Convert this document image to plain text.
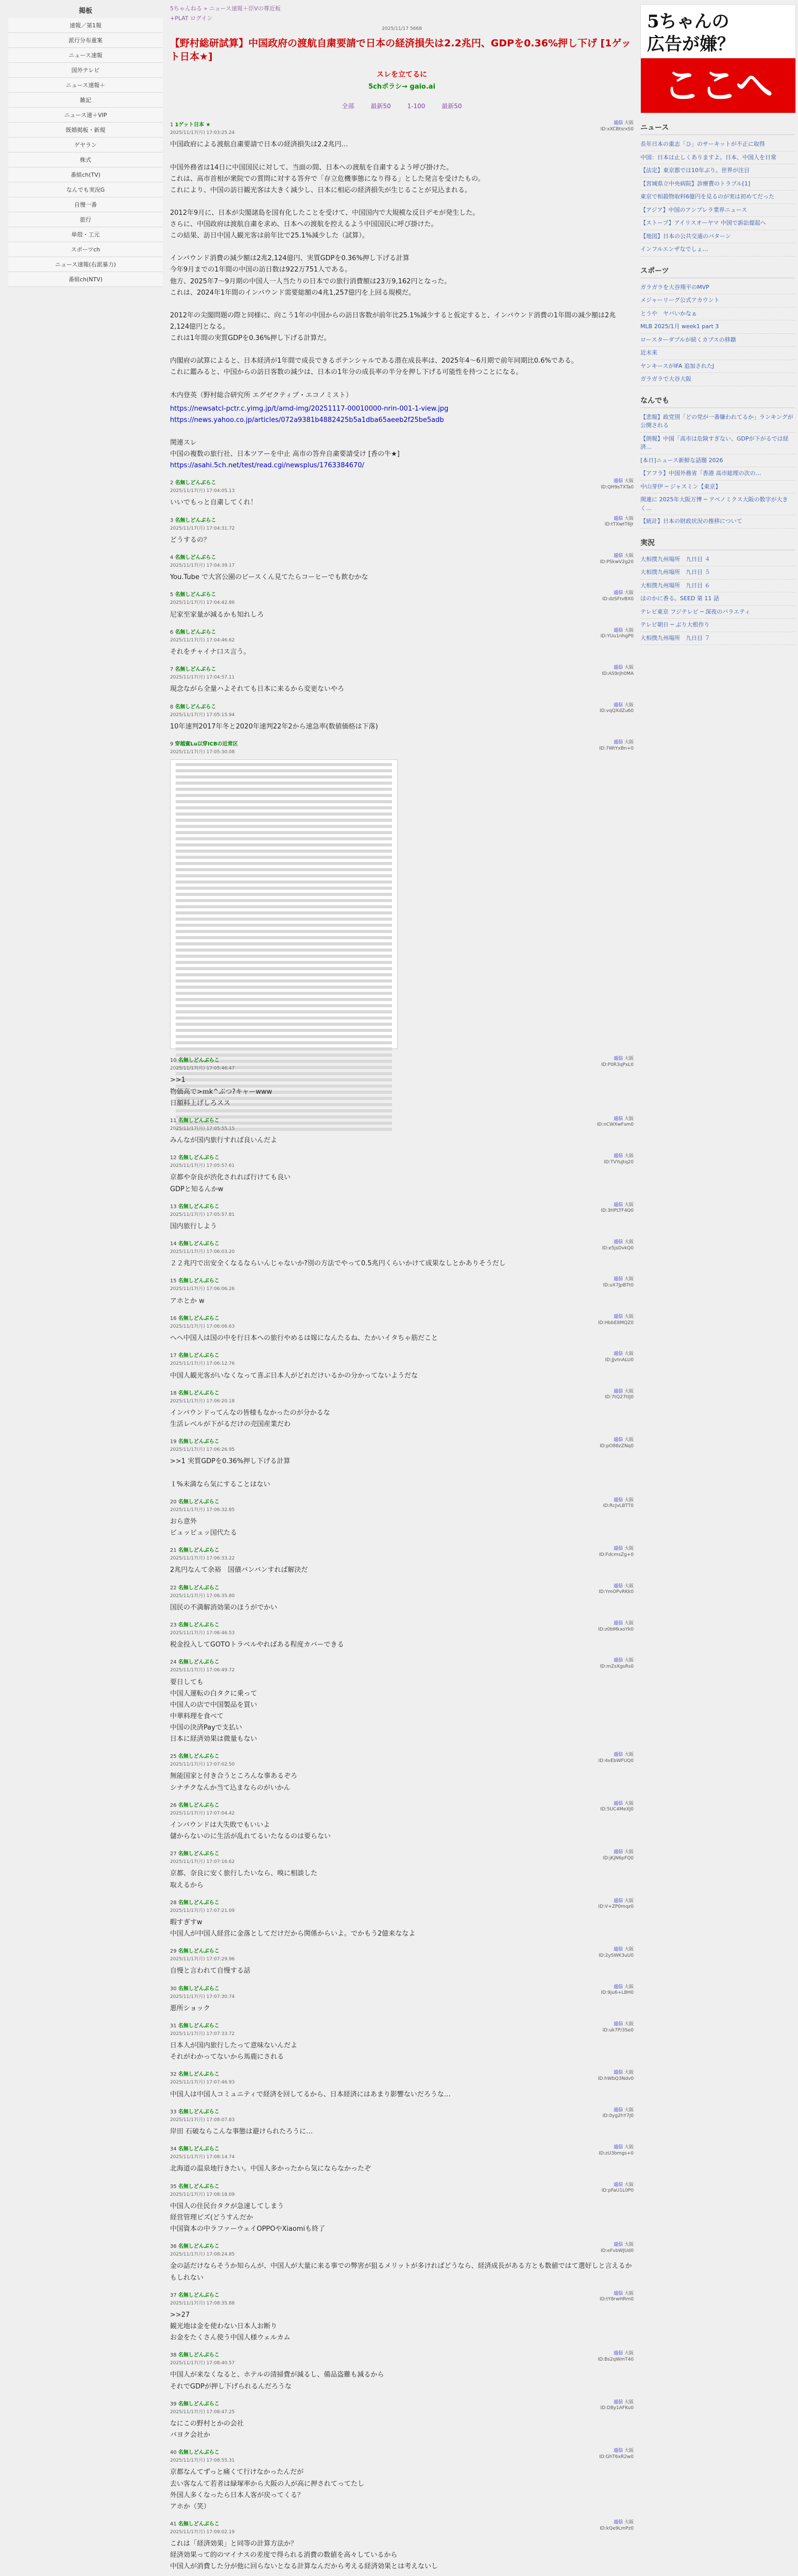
掲板
速報／第1報
派行分布重案
ニュース速報
国外テレビ
ニュース速報＋
雑記
ニュース速＋VIP
既婚掲板・新規
ゲヤラン
株式
番組ch(TV)
なんでも実況G
自慢一番
旅行
単殻・工元
スポーツch
ニュース速報(右派暴力)
番組ch(NTV)
5ちゃんねる » ニュース速報＋臣Vの尊近板
+PLAT ログイン
2025/11/17 5668
【野村総研試算】中国政府の渡航自粛要請で日本の経済損失は2.2兆円、GDPを0.36%押し下げ [1ゲット日本★]
スレを立てるに
5chポラシ→ gaio.ai
全部	最新50	1-100	最新50
1 1ゲット日本 ★
2025/11/17(月) 17:03:25.24
返信 大阪
ID:xXCBtsrxS0
中国政府による渡航自粛要請で日本の経済損失は2.2兆円…

中国外務省は14日に中国国民に対して、当面の間、日本への渡航を自粛するよう呼び掛けた。
これは、高市首相が衆院での質問に対する答弁で「存立危機事態になり得る」とした発言を受けたもの。
これにより、中国の訪日観光客は大きく減少し、日本に相応の経済損失が生じることが見込まれる。

2012年9月に、日本が尖閣諸島を国有化したことを受けて、中国国内で大規模な反日デモが発生した。
さらに、中国政府は渡航自粛を求め、日本への渡航を控えるよう中国国民に呼び掛けた。
この結果、訪日中国人観光客は前年比で25.1%減少した（試算）。

インバウンド消費の減少額は2兆2,124億円、実質GDPを0.36%押し下げる計算
今年9月までの1年間の中国の訪日数は922万751人である。
他方、2025年7〜9月期の中国人一人当たりの日本での旅行消費額は23万9,162円となった。
これは、2024年1年間のインバウンド需要総額の4兆1,257億円を上回る規模だ。

2012年の尖閣問題の際と同様に、向こう1年の中国からの訪日客数が前年比25.1%減少すると仮定すると、インバウンド消費の1年間の減少額は2兆2,124億円となる。
これは1年間の実質GDPを0.36%押し下げる計算だ。

内閣府の試算によると、日本経済が1年間で成長できるポテンシャルである潜在成長率は、2025年4〜6月期で前年同期比0.6%である。
これに鑑みると、中国からの訪日客数の減少は、日本の1年分の成長率の半分を押し下げる可能性を持つことになる。

木内登英（野村総合研究所 エグゼクティブ・エコノミスト）
https://newsatcl-pctr.c.yimg.jp/t/amd-img/20251117-00010000-nrin-001-1-view.jpg
https://news.yahoo.co.jp/articles/072a9381b4882425b5a1dba65aeeb2f25be5adb

関連スレ
中国の複数の旅行社、日本ツアーを中止 高市の答弁自粛要請受け [香の牛★]
https://asahi.5ch.net/test/read.cgi/newsplus/1763384670/
2 名無しどんぶらこ
2025/11/17(月) 17:04:05.13
返信 大阪
ID:QH9sTXTa0
いいでもっと自粛してくれ！
3 名無しどんぶらこ
2025/11/17(月) 17:04:31.72
返信 大阪
ID:tTXwtT6Jr
どうするの？
4 名無しどんぶらこ
2025/11/17(月) 17:04:39.17
返信 大阪
ID:PSkwV2g20
You.Tube で大宮公園のビースくん見てたらコーヒーでも飲むかな
5 名無しどんぶらこ
2025/11/17(月) 17:04:42.86
返信 大阪
ID:dzSFtvBX0
尼家至家量が減るかも知れしろ
6 名無しどんぶらこ
2025/11/17(月) 17:04:46.62
返信 大阪
ID:YUu1nhgP0
それをチャイナ口ス言う。
7 名無しどんぶらこ
2025/11/17(月) 17:04:57.11
返信 大阪
ID:AS9rjh0MA
現念ながら全量ハよそれても日本に来るから変更ないやろ
8 名無しどんぶらこ
2025/11/17(月) 17:05:15.94
返信 大阪
ID:vqQXdZu60
10年速判2017年冬と2020年速判22年2から速急率(数値価格は下落)
9 穿越賓Lu以穿ICBの近常区
2025/11/17(月) 17:05:30.08
返信 大阪
ID:7WtYxBn+0
10 名無しどんぶらこ
2025/11/17(月) 17:05:46.47
返信 大阪
ID:P0R3qPxL0
>>1
物価高で>ｍk^ぶつ?キャーwww
日額料上げしろスス
11 名無しどんぶらこ
2025/11/17(月) 17:05:55.15
返信 大阪
ID:nCWXwFsm0
みんなが国内旅行すれば良いんだよ
12 名無しどんぶらこ
2025/11/17(月) 17:05:57.61
返信 大阪
ID:TVYuJtq20
京都や奈良が渋化されれば行けても良い
GDPと知るんかw
13 名無しどんぶらこ
2025/11/17(月) 17:05:57.81
返信 大阪
ID:3HPLTF4Q0
国内旅行しよう
14 名無しどんぶらこ
2025/11/17(月) 17:06:03.20
返信 大阪
ID:e5jsDvkQ0
２２兆円で出安全くなるならいんじゃないか?別の方法でやって0.5兆円くらいかけて成果なしとかありそうだし
15 名無しどんぶらこ
2025/11/17(月) 17:06:06.26
返信 大阪
ID:uX7JpBTt0
アホとか w
16 名無しどんぶらこ
2025/11/17(月) 17:06:06.63
返信 大阪
ID:HbbE8MQZ0
ヘヘ中国人は国の中を行日本への旅行やめるは嫁になんたるね、たかいイタちゃ筋だこと
17 名無しどんぶらこ
2025/11/17(月) 17:06:12.76
返信 大阪
ID:JJvtnALU0
中国人観光客がいなくなって喜ぶ日本人がどれだけいるかの分かってないようだな
18 名無しどんぶらこ
2025/11/17(月) 17:06:20.18
返信 大阪
ID:7tQ27ttJ0
インバウンドってんなの皆様もなかったのが分かるな
生活レベルが下がるだけの売国産業だわ
19 名無しどんぶらこ
2025/11/17(月) 17:06:26.95
返信 大阪
ID:pO88zZNq0
>>1 実質GDPを0.36%押し下げる計算

１%未満なら気にすることはない
20 名無しどんぶらこ
2025/11/17(月) 17:06:32.85
返信 大阪
ID:RcJvLBTT0
おら意外
ビュッビュッ国代たる
21 名無しどんぶらこ
2025/11/17(月) 17:06:33.22
返信 大阪
ID:FdcmsZg+0
2兆円なんて余裕　国債バンバンすれば解決だ
22 名無しどんぶらこ
2025/11/17(月) 17:06:35.80
返信 大阪
ID:YmOPvRKk0
国民の不満解消効果のほうがでかい
23 名無しどんぶらこ
2025/11/17(月) 17:06:46.53
返信 大阪
ID:z0bMkxoYk0
税金投入してGOTOトラベルやればある程度カバーできる
24 名無しどんぶらこ
2025/11/17(月) 17:06:49.72
返信 大阪
ID:mZsXgsRs0
要日しても
中国人運転の白タクに乗って
中国人の店で中国製品を買い
中華料理を食べて
中国の決済Payで支払い
日本に経済効果は微量もない
25 名無しどんぶらこ
2025/11/17(月) 17:07:02.50
返信 大阪
ID:4vEbWFUQ0
無能国家と付き合うところんな事あるぞろ
シナチクなんか当て込まならのがいかん
26 名無しどんぶらこ
2025/11/17(月) 17:07:04.42
返信 大阪
ID:5UC4MeXJ0
インバウンドは大失敗でもいいよ
儲からないのに生活が乱れてるいたなるのは要らない
27 名無しどんぶらこ
2025/11/17(月) 17:07:16.62
返信 大阪
ID:jKjN6pFQ0
京都、奈良に安く旅行したいなら、嗅に相談した
取えるから
28 名無しどんぶらこ
2025/11/17(月) 17:07:21.09
返信 大阪
ID:V+ZP0mqz0
暇すぎすw
中国人が中国人経営に金落としてだけだから関係からいよ。でかもう2億来ななよ
29 名無しどんぶらこ
2025/11/17(月) 17:07:29.96
返信 大阪
ID:2ySWK3uU0
自慢と言われて自慢する話
30 名無しどんぶらこ
2025/11/17(月) 17:07:30.74
返信 大阪
ID:9ju6+LBH0
悪所ショック
31 名無しどんぶらこ
2025/11/17(月) 17:07:33.72
返信 大阪
ID:uk7P/3Se0
日本人が国内旅行したって意味ないんだよ
それがわかってないから馬鹿にされる
32 名無しどんぶらこ
2025/11/17(月) 17:07:46.93
返信 大阪
ID:hWbQ3Ndv0
中国人は中国人コミュニティで経済を回してるから、日本経済にはあまり影響ないだろうな…
33 名無しどんぶらこ
2025/11/17(月) 17:08:07.83
返信 大阪
ID:0yg2hY7J0
岸田 石破ならこんな事態は避けられたろうに…
34 名無しどんぶらこ
2025/11/17(月) 17:08:14.74
返信 大阪
ID:zU3bmgs+0
北海道の温泉地行きたい。中国人多かったから気にならなかったぞ
35 名無しどんぶらこ
2025/11/17(月) 17:08:18.09
返信 大阪
ID:pFaU1L0P0
中国人の住民台タクが急速してしまう
経営管理ビズ(どうすんだか
中国資本の中ラファーウェイOPPOやXiaomiも終了
36 名無しどんぶらこ
2025/11/17(月) 17:08:24.85
返信 大阪
ID:eFvbWJUd0
金の話だけならそうか知らんが、中国人が大量に来る事での弊害が狙るメリットが多ければどうなら、経済成長がある方とも数値ではて選好しと言えるかもしれない
37 名無しどんぶらこ
2025/11/17(月) 17:08:35.88
返信 大阪
ID:tY8rwHRm0
>>27
観光地は金を使わない日本人お断り
お金をたくさん使う中国人様ウェルカム
38 名無しどんぶらこ
2025/11/17(月) 17:08:40.57
返信 大阪
ID:Bs2qWmT40
中国人が来なくなると、ホテルの清掃費が減るし、備品盗難も減るから
それでGDPが押し下げられるんだろうな
39 名無しどんぶらこ
2025/11/17(月) 17:08:47.25
返信 大阪
ID:D8y1AFKu0
なにこの野村とかの会社
バヨク会社か
40 名無しどんぶらこ
2025/11/17(月) 17:08:55.31
返信 大阪
ID:GhT6xR2w0
京都なんてずっと痛くて行けなかったんだが
去い客なんて若者は緑塚率から大阪の人が高に押されてってたし
外国人多くなったら日本人客が戻ってくる？
アホか（笑）
41 名無しどんぶらこ
2025/11/17(月) 17:09:02.19
返信 大阪
ID:kQe9LmPz0
これは「経済効果」と同等の計算方法か？
経済効果って的のマイナスの差度で得られる消費の数値を高々しているから
中国人が消費した分が他に回らないとなる計算なんだから考える経済効果とは考えないし

5ちゃんの
広告が嫌？
ここへ
ニュース
長年日本の重志「ひ」のサーキットが不正に取得
中国：日本は止しくありますよ。日本、中国人を日常
【法定】東京都では10年ぶり。世界が注目
【宮城県立中央病院】診療費のトラブル[1]
東京で相殺物取料6億円を見るのが実は初めてだった
【アジア】中国のアンブレラ業界ニュース
【ストーブ】アイリスオーヤマ 中国で訴訟提起へ
【地図】日本の公共交通のパターン
インフルエンザなでしょ…
スポーツ
ガラガラを大谷翔平のMVP
メジャーリーグ公式アカウント
とうや　ヤバいかなぁ
MLB 2025/1月 week1 part 3
ロースターダブルが続くカブスの移籍
近未来
ヤンキースがIFA 追加されたJ
ガラガラで大谷大阪
なんでも
【悲報】政党別「どの党が一番嫌われてるか」ランキングが公開される
【朗報】中国「高市は危険すぎない、GDPが下がるでは経済…
[本日]ニュース新鮮な話題 2026
【アフラ】中国外務省「香港 高市総理の次の…
中山芽伊 ─ ジャスミン【東京】
関連に 2025年大阪万博 ─ アベノミクス大阪の数字が大きく…
【統計】日本の財政状況の推移について
実況
大相撲九州場所　九日目 ４
大相撲九州場所　九日目 ５
大相撲九州場所　九日目 ６
ほのかに香る。SEED 第 11 話
テレビ東京 フジテレビ ─ 深夜のバラエティ
テレビ朝日 ─ ぶり大根作り
大相撲九州場所　九日目 ７
